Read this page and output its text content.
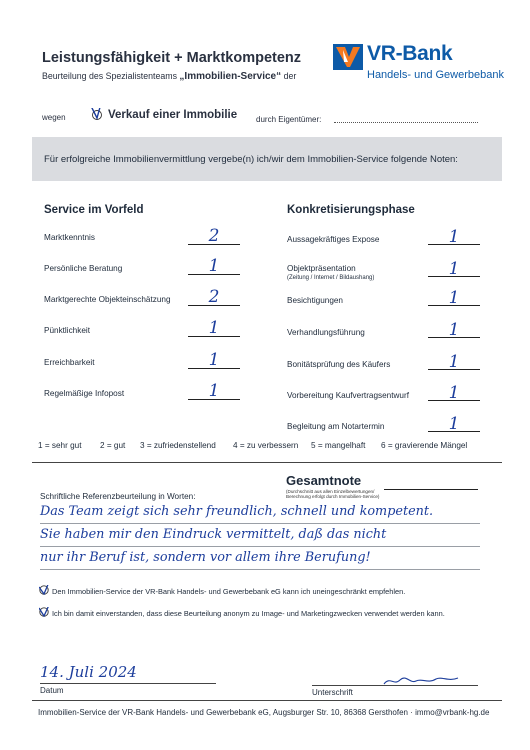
Leistungsfähigkeit + Marktkompetenz
Beurteilung des Spezialistenteams „Immobilien-Service“ der
VR-Bank
Handels- und Gewerbebank
wegen	Verkauf einer Immobilie durch Eigentümer:
Für erfolgreiche Immobilienvermittlung vergebe(n) ich/wir dem Immobilien-Service folgende Noten:
Service im Vorfeld
Marktkenntnis	2
Persönliche Beratung	1
Marktgerechte Objekteinschätzung	2
Pünktlichkeit	1
Erreichbarkeit	1
Regelmäßige Infopost	1
Konkretisierungsphase
Aussagekräftiges Expose	1
Objektpräsentation
(Zeitung / Internet / Bildaushang)	1
Besichtigungen	1
Verhandlungsführung	1
Bonitätsprüfung des Käufers	1
Vorbereitung Kaufvertragsentwurf	1
Begleitung am Notartermin	1
1 = sehr gut 2 = gut 3 = zufriedenstellend 4 = zu verbessern 5 = mangelhaft 6 = gravierende Mängel
Gesamtnote
(Durchschnitt aus allen Einzelbewertungen/ Berechnung erfolgt durch Immobilien-Service)
Schriftliche Referenzbeurteilung in Worten:
Das Team zeigt sich sehr freundlich, schnell und kompetent.
Sie haben mir den Eindruck vermittelt, daß das nicht
nur ihr Beruf ist, sondern vor allem ihre Berufung!
Den Immobilien-Service der VR-Bank Handels- und Gewerbebank eG kann ich uneingeschränkt empfehlen.
Ich bin damit einverstanden, dass diese Beurteilung anonym zu Image- und Marketingzwecken verwendet werden kann.
14. Juli 2024
Datum	Unterschrift
Immobilien-Service der VR-Bank Handels- und Gewerbebank eG, Augsburger Str. 10, 86368 Gersthofen · immo@vrbank-hg.de
